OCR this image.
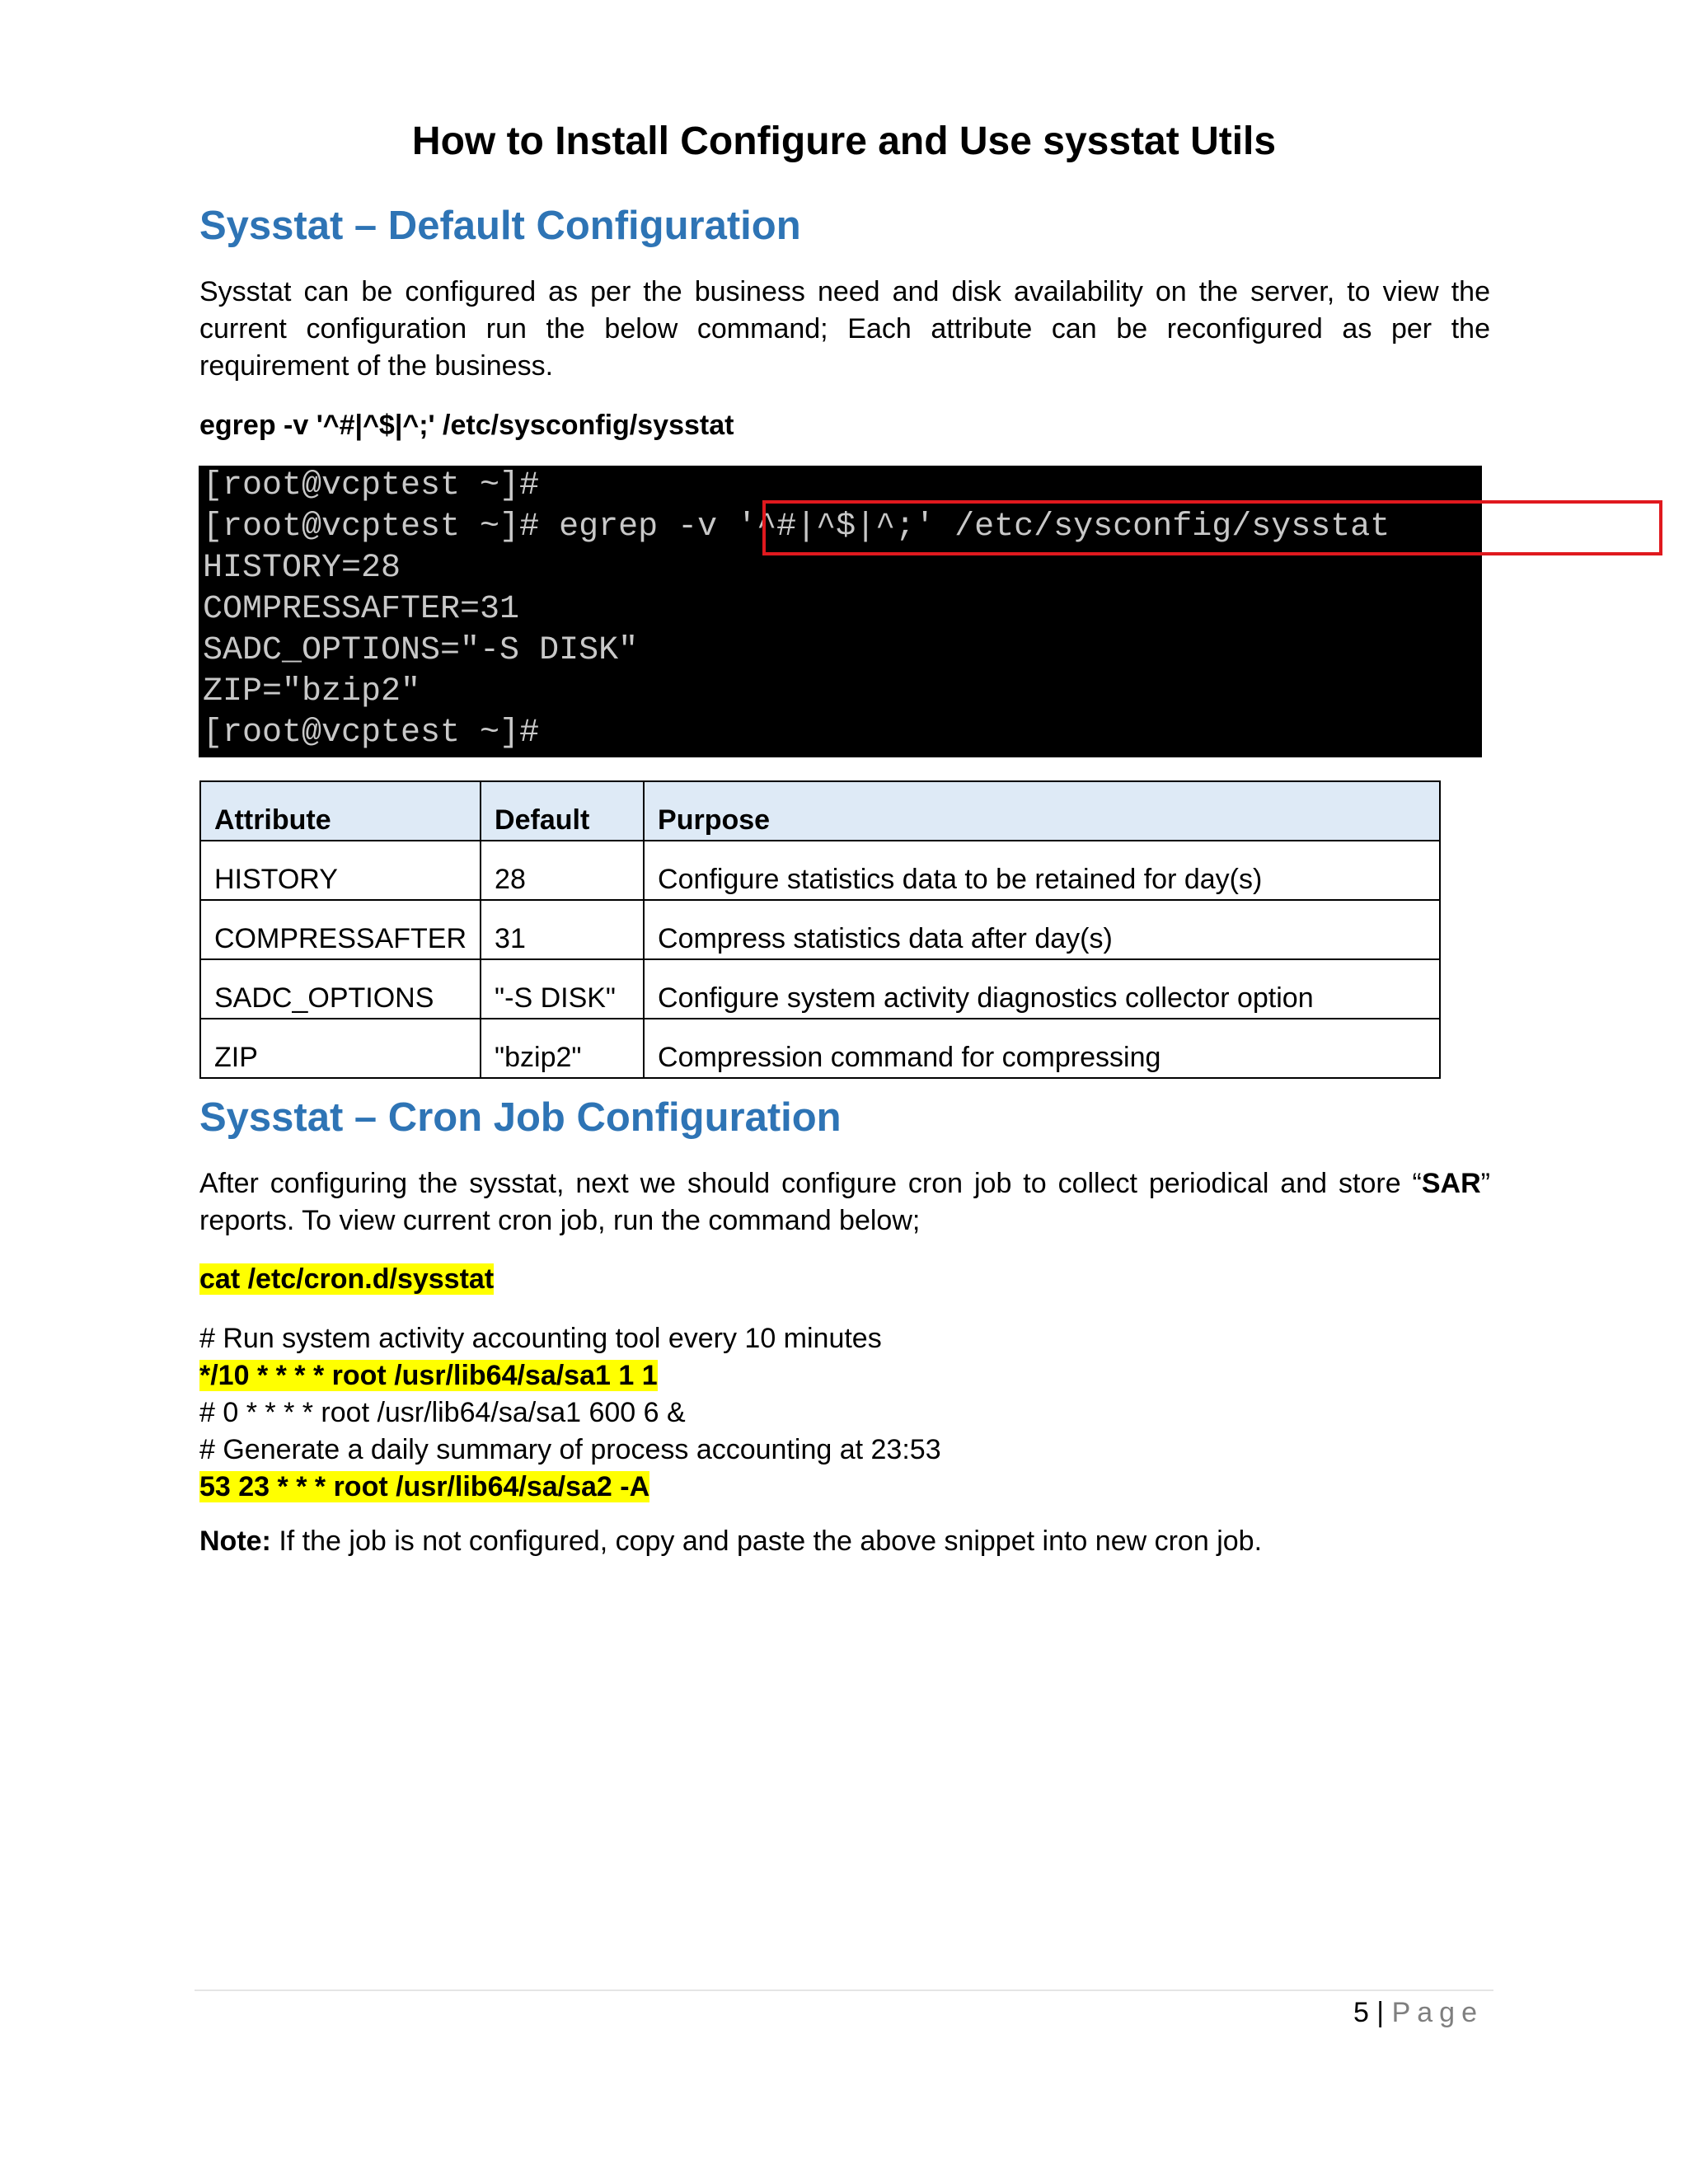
How to Install Configure and Use sysstat Utils
Sysstat – Default Configuration
Sysstat can be configured as per the business need and disk availability on the server, to view the current configuration run the below command; Each attribute can be reconfigured as per the requirement of the business.
egrep -v '^#|^$|^;' /etc/sysconfig/sysstat
[root@vcptest ~]#
[root@vcptest ~]# egrep -v '^#|^$|^;' /etc/sysconfig/sysstat
HISTORY=28
COMPRESSAFTER=31
SADC_OPTIONS="-S DISK"
ZIP="bzip2"
[root@vcptest ~]#
Attribute	Default	Purpose
HISTORY	28	Configure statistics data to be retained for day(s)
COMPRESSAFTER	31	Compress statistics data after day(s)
SADC_OPTIONS	"-S DISK"	Configure system activity diagnostics collector option
ZIP	"bzip2"	Compression command for compressing
Sysstat – Cron Job Configuration
After configuring the sysstat, next we should configure cron job to collect periodical and store “SAR” reports. To view current cron job, run the command below;
cat /etc/cron.d/sysstat
# Run system activity accounting tool every 10 minutes
*/10 * * * * root /usr/lib64/sa/sa1 1 1
# 0 * * * * root /usr/lib64/sa/sa1 600 6 &
# Generate a daily summary of process accounting at 23:53
53 23 * * * root /usr/lib64/sa/sa2 -A
Note: If the job is not configured, copy and paste the above snippet into new cron job.
5 | Page
